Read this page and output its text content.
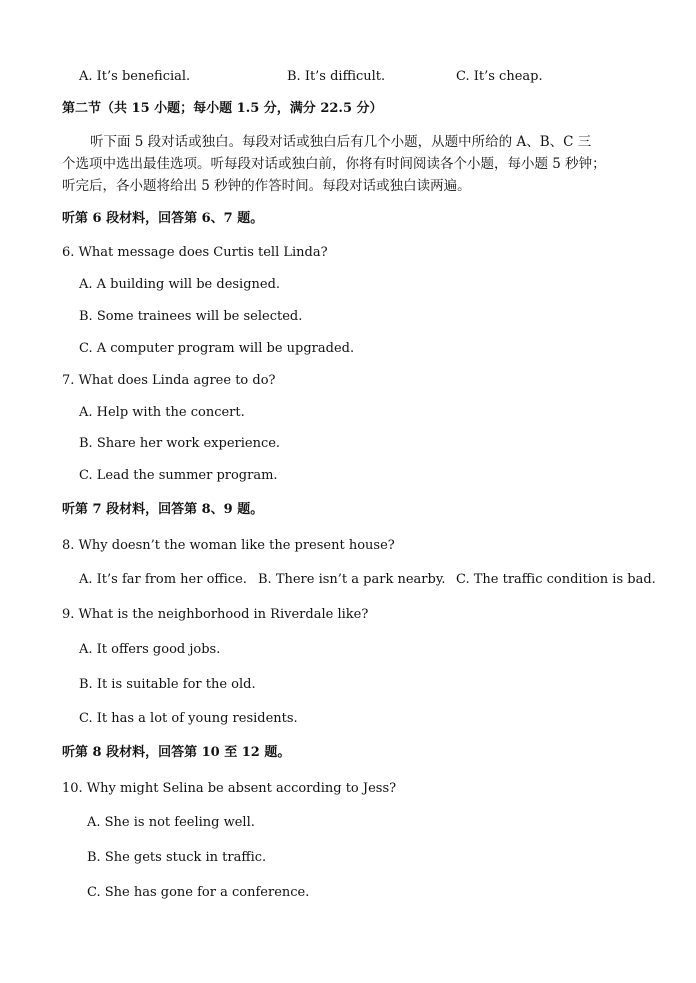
A. It’s beneficial.	B. It’s difficult.	C. It’s cheap.
第二节（共 15 小题；每小题 1.5 分，满分 22.5 分）
听下面 5 段对话或独白。每段对话或独白后有几个小题，从题中所给的 A、B、C 三
个选项中选出最佳选项。听每段对话或独白前，你将有时间阅读各个小题，每小题 5 秒钟；
听完后，各小题将给出 5 秒钟的作答时间。每段对话或独白读两遍。
听第 6 段材料，回答第 6、7 题。
6. What message does Curtis tell Linda?
A. A building will be designed.
B. Some trainees will be selected.
C. A computer program will be upgraded.
7. What does Linda agree to do?
A. Help with the concert.
B. Share her work experience.
C. Lead the summer program.
听第 7 段材料，回答第 8、9 题。
8. Why doesn’t the woman like the present house?
A. It’s far from her office. B. There isn’t a park nearby. C. The traffic condition is bad.
9. What is the neighborhood in Riverdale like?
A. It offers good jobs.
B. It is suitable for the old.
C. It has a lot of young residents.
听第 8 段材料，回答第 10 至 12 题。
10. Why might Selina be absent according to Jess?
A. She is not feeling well.
B. She gets stuck in traffic.
C. She has gone for a conference.
